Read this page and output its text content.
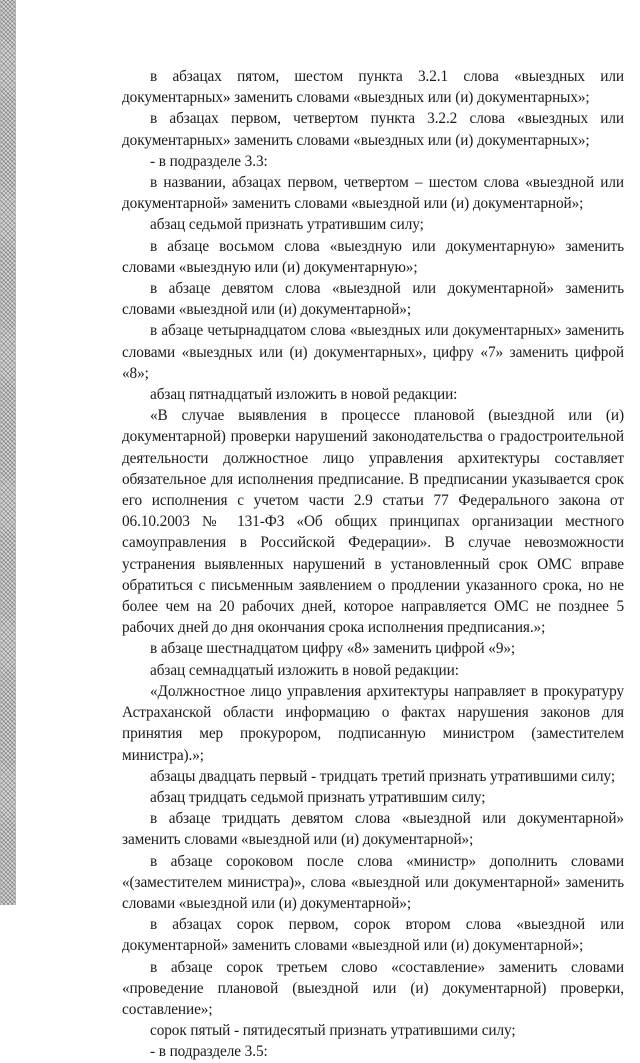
в абзацах пятом, шестом пункта 3.2.1 слова «выездных или документарных» заменить словами «выездных или (и) документарных»;

в абзацах первом, четвертом пункта 3.2.2 слова «выездных или документарных» заменить словами «выездных или (и) документарных»;

- в подразделе 3.3:

в названии, абзацах первом, четвертом – шестом слова «выездной или документарной» заменить словами «выездной или (и) документарной»;

абзац седьмой признать утратившим силу;

в абзаце восьмом слова «выездную или документарную» заменить словами «выездную или (и) документарную»;

в абзаце девятом слова «выездной или документарной» заменить словами «выездной или (и) документарной»;

в абзаце четырнадцатом слова «выездных или документарных» заменить словами «выездных или (и) документарных», цифру «7» заменить цифрой «8»;

абзац пятнадцатый изложить в новой редакции:

«В случае выявления в процессе плановой (выездной или (и) документарной) проверки нарушений законодательства о градостроительной деятельности должностное лицо управления архитектуры составляет обязательное для исполнения предписание. В предписании указывается срок его исполнения с учетом части 2.9 статьи 77 Федерального закона от 06.10.2003 № 131-ФЗ «Об общих принципах организации местного самоуправления в Российской Федерации». В случае невозможности устранения выявленных нарушений в установленный срок ОМС вправе обратиться с письменным заявлением о продлении указанного срока, но не более чем на 20 рабочих дней, которое направляется ОМС не позднее 5 рабочих дней до дня окончания срока исполнения предписания.»;

в абзаце шестнадцатом цифру «8» заменить цифрой «9»;

абзац семнадцатый изложить в новой редакции:

«Должностное лицо управления архитектуры направляет в прокуратуру Астраханской области информацию о фактах нарушения законов для принятия мер прокурором, подписанную министром (заместителем министра).»;

абзацы двадцать первый - тридцать третий признать утратившими силу;

абзац тридцать седьмой признать утратившим силу;

в абзаце тридцать девятом слова «выездной или документарной» заменить словами «выездной или (и) документарной»;

в абзаце сороковом после слова «министр» дополнить словами «(заместителем министра)», слова «выездной или документарной» заменить словами «выездной или (и) документарной»;

в абзацах сорок первом, сорок втором слова «выездной или документарной» заменить словами «выездной или (и) документарной»;

в абзаце сорок третьем слово «составление» заменить словами «проведение плановой (выездной или (и) документарной) проверки, составление»;

сорок пятый - пятидесятый признать утратившими силу;

- в подразделе 3.5:
